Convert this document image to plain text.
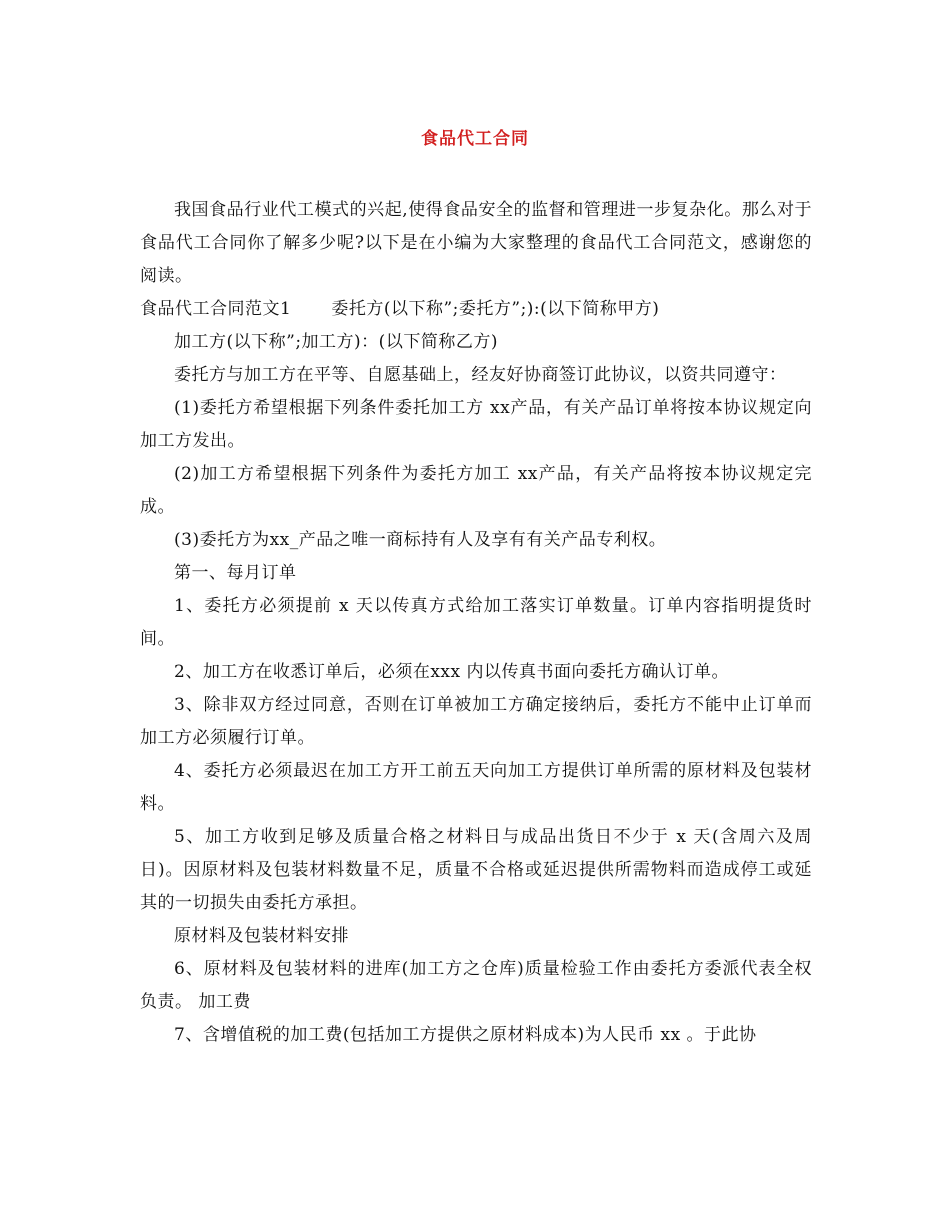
食品代工合同

我国食品行业代工模式的兴起,使得食品安全的监督和管理进一步复杂化。那么对于食品代工合同你了解多少呢?以下是在小编为大家整理的食品代工合同范文，感谢您的阅读。

食品代工合同范文1 委托方(以下称”;委托方”;):(以下简称甲方)

加工方(以下称”;加工方)：(以下简称乙方)

委托方与加工方在平等、自愿基础上，经友好协商签订此协议，以资共同遵守：

(1)委托方希望根据下列条件委托加工方 xx产品，有关产品订单将按本协议规定向加工方发出。

(2)加工方希望根据下列条件为委托方加工 xx产品，有关产品将按本协议规定完成。

(3)委托方为xx_产品之唯一商标持有人及享有有关产品专利权。

第一、每月订单

1、委托方必须提前 x 天以传真方式给加工落实订单数量。订单内容指明提货时间。

2、加工方在收悉订单后，必须在xxx 内以传真书面向委托方确认订单。

3、除非双方经过同意，否则在订单被加工方确定接纳后，委托方不能中止订单而加工方必须履行订单。

4、委托方必须最迟在加工方开工前五天向加工方提供订单所需的原材料及包装材料。

5、加工方收到足够及质量合格之材料日与成品出货日不少于 x 天(含周六及周日)。因原材料及包装材料数量不足，质量不合格或延迟提供所需物料而造成停工或延其的一切损失由委托方承担。

原材料及包装材料安排

6、原材料及包装材料的进库(加工方之仓库)质量检验工作由委托方委派代表全权负责。 加工费

7、含增值税的加工费(包括加工方提供之原材料成本)为人民币 xx 。于此协
